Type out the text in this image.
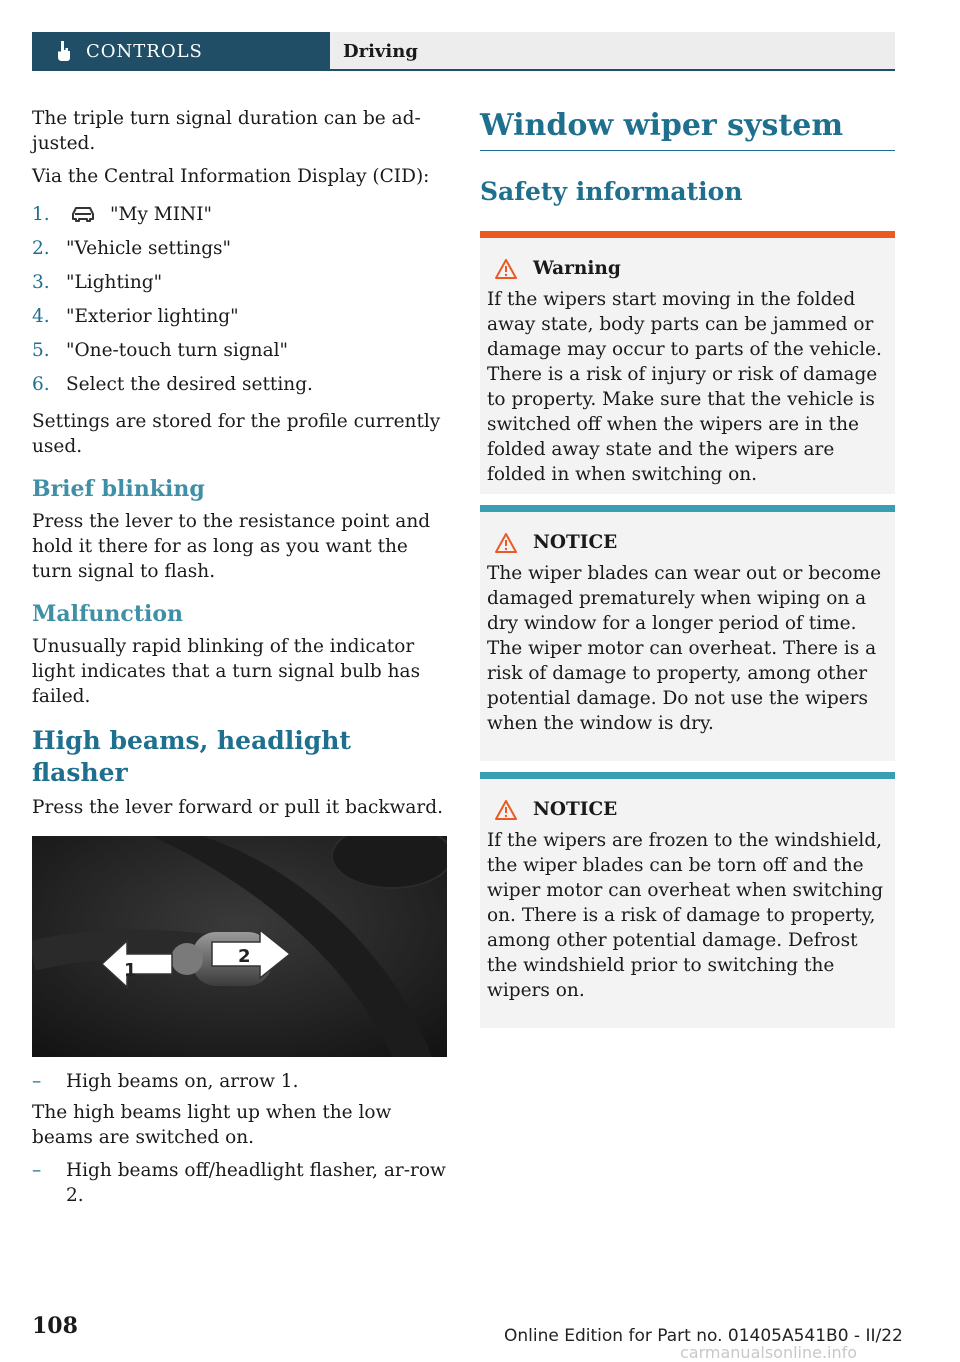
CONTROLS	Driving

The triple turn signal duration can be ad-justed.

Via the Central Information Display (CID):

1.	"My MINI"
2. "Vehicle settings"
3. "Lighting"
4. "Exterior lighting"
5. "One-touch turn signal"
6. Select the desired setting.

Settings are stored for the profile currently used.

Brief blinking

Press the lever to the resistance point and hold it there for as long as you want the turn signal to flash.

Malfunction

Unusually rapid blinking of the indicator light indicates that a turn signal bulb has failed.

High beams, headlight flasher

Press the lever forward or pull it backward.

1
2
–	High beams on, arrow 1.

The high beams light up when the low beams are switched on.

–	High beams off/headlight flasher, ar-row 2.
Window wiper system
Safety information
Warning

If the wipers start moving in the folded away state, body parts can be jammed or damage may occur to parts of the vehicle. There is a risk of injury or risk of damage to property. Make sure that the vehicle is switched off when the wipers are in the folded away state and the wipers are folded in when switching on.

NOTICE

The wiper blades can wear out or become damaged prematurely when wiping on a dry window for a longer period of time. The wiper motor can overheat. There is a risk of damage to property, among other potential damage. Do not use the wipers when the window is dry.

NOTICE

If the wipers are frozen to the windshield, the wiper blades can be torn off and the wiper motor can overheat when switching on. There is a risk of damage to property, among other potential damage. Defrost the windshield prior to switching the wipers on.

108	Online Edition for Part no. 01405A541B0 - II/22
carmanualsonline.info
